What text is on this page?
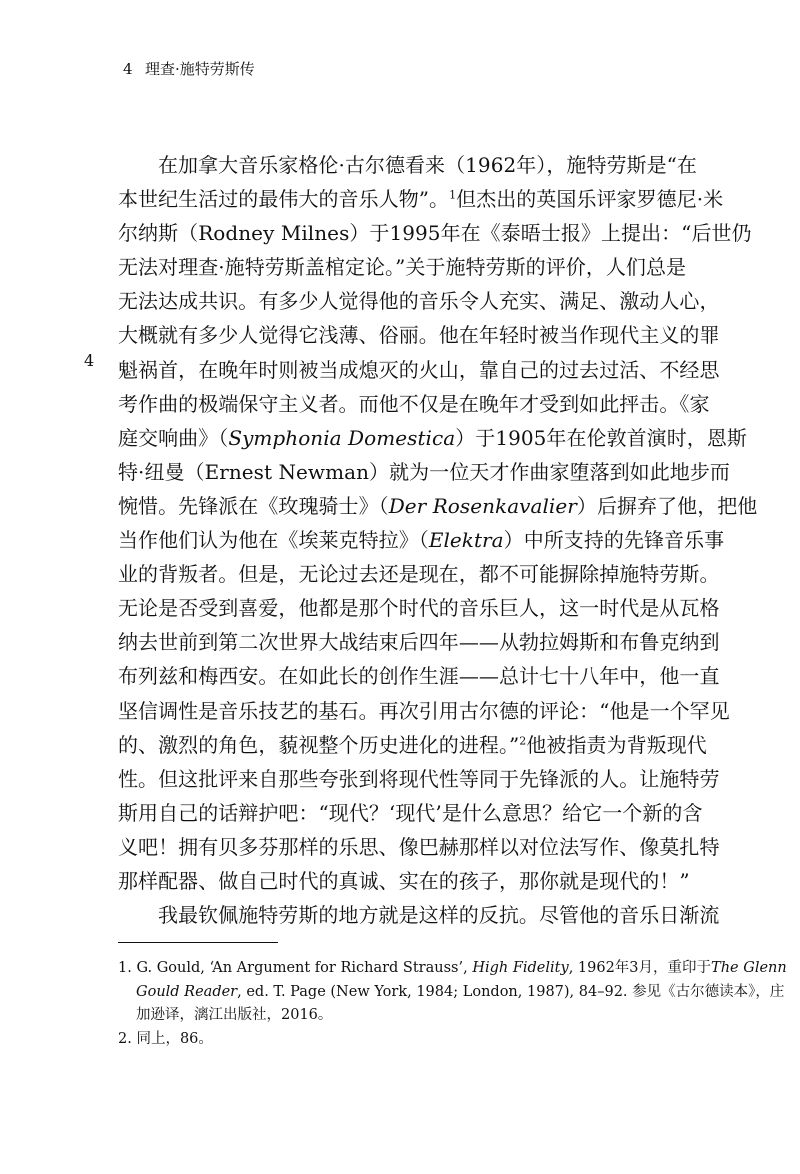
4 理查·施特劳斯传
4
在加拿大音乐家格伦·古尔德看来（1962年），施特劳斯是“在
本世纪生活过的最伟大的音乐人物”。$^1$但杰出的英国乐评家罗德尼·米
尔纳斯（Rodney Milnes）于1995年在《泰晤士报》上提出：“后世仍
无法对理查·施特劳斯盖棺定论。”关于施特劳斯的评价，人们总是
无法达成共识。有多少人觉得他的音乐令人充实、满足、激动人心，
大概就有多少人觉得它浅薄、俗丽。他在年轻时被当作现代主义的罪
魁祸首，在晚年时则被当成熄灭的火山，靠自己的过去过活、不经思
考作曲的极端保守主义者。而他不仅是在晚年才受到如此抨击。《家
庭交响曲》（Symphonia Domestica）于1905年在伦敦首演时，恩斯
特·纽曼（Ernest Newman）就为一位天才作曲家堕落到如此地步而
惋惜。先锋派在《玫瑰骑士》（Der Rosenkavalier）后摒弃了他，把他
当作他们认为他在《埃莱克特拉》（Elektra）中所支持的先锋音乐事
业的背叛者。但是，无论过去还是现在，都不可能摒除掉施特劳斯。
无论是否受到喜爱，他都是那个时代的音乐巨人，这一时代是从瓦格
纳去世前到第二次世界大战结束后四年——从勃拉姆斯和布鲁克纳到
布列兹和梅西安。在如此长的创作生涯——总计七十八年中，他一直
坚信调性是音乐技艺的基石。再次引用古尔德的评论：“他是一个罕见
的、激烈的角色，藐视整个历史进化的进程。”$^2$他被指责为背叛现代
性。但这批评来自那些夸张到将现代性等同于先锋派的人。让施特劳
斯用自己的话辩护吧：“现代？‘现代’是什么意思？给它一个新的含
义吧！拥有贝多芬那样的乐思、像巴赫那样以对位法写作、像莫扎特
那样配器、做自己时代的真诚、实在的孩子，那你就是现代的！”
我最钦佩施特劳斯的地方就是这样的反抗。尽管他的音乐日渐流
1. G. Gould, ‘An Argument for Richard Strauss’, High Fidelity, 1962年3月，重印于The Glenn
Gould Reader, ed. T. Page (New York, 1984; London, 1987), 84–92. 参见《古尔德读本》，庄
加逊译，漓江出版社，2016。
2. 同上，86。
